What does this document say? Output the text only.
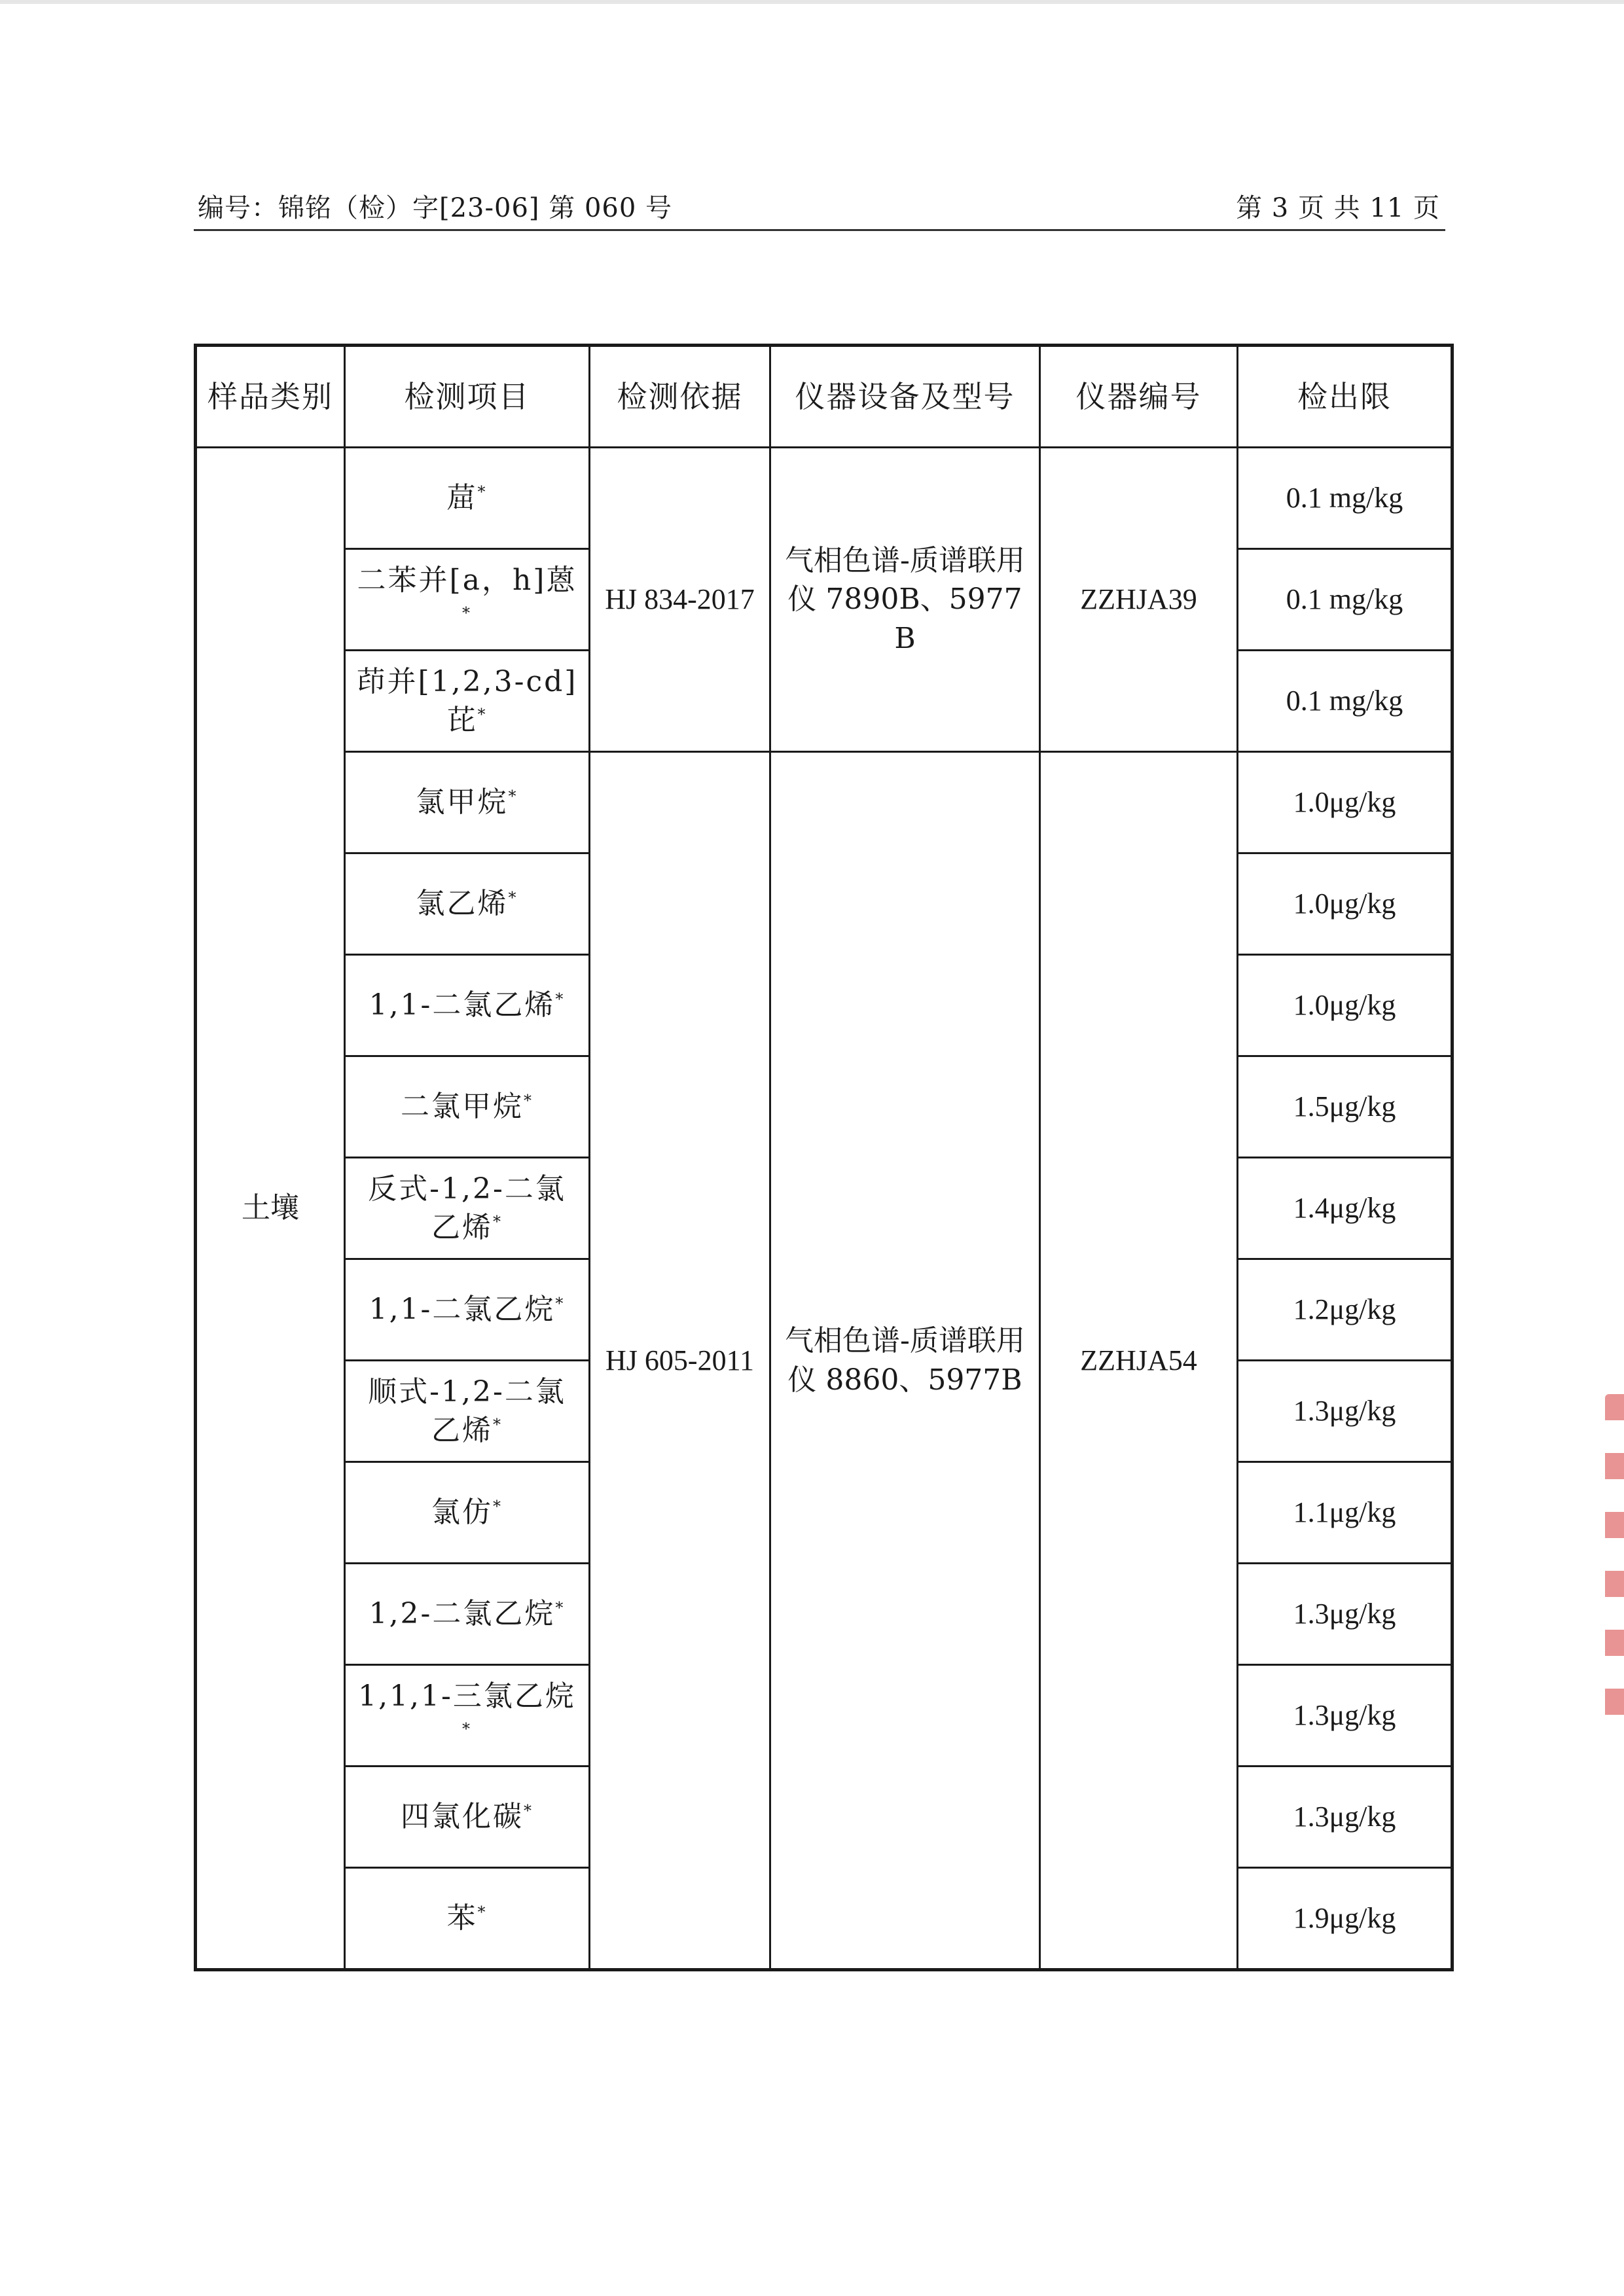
编号：锦铭（检）字[23-06] 第 060 号	第 3 页 共 11 页
样品类别	检测项目	检测依据	仪器设备及型号	仪器编号	检出限
土壤	䓛*	HJ 834-2017	气相色谱-质谱联用仪 7890B、5977B	ZZHJA39	0.1 mg/kg
	二苯并[a，h]蒽*				0.1 mg/kg
	茚并[1,2,3-cd]芘*				0.1 mg/kg
	氯甲烷*	HJ 605-2011	气相色谱-质谱联用仪 8860、5977B	ZZHJA54	1.0μg/kg
	氯乙烯*				1.0μg/kg
	1,1-二氯乙烯*				1.0μg/kg
	二氯甲烷*				1.5μg/kg
	反式-1,2-二氯乙烯*				1.4μg/kg
	1,1-二氯乙烷*				1.2μg/kg
	顺式-1,2-二氯乙烯*				1.3μg/kg
	氯仿*				1.1μg/kg
	1,2-二氯乙烷*				1.3μg/kg
	1,1,1-三氯乙烷*				1.3μg/kg
	四氯化碳*				1.3μg/kg
	苯*				1.9μg/kg
